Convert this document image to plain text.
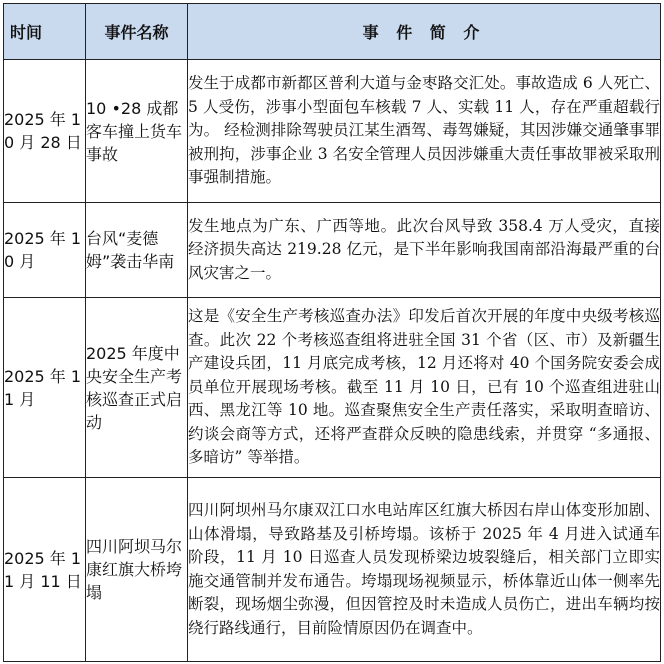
时间	事件名称	事 件 简 介
2025 年 10 月 28 日	10 •28 成都客车撞上货车事故	发生于成都市新都区普利大道与金枣路交汇处。事故造成 6 人死亡、5 人受伤，涉事小型面包车核载 7 人、实载 11 人，存在严重超载行为。 经检测排除驾驶员江某生酒驾、毒驾嫌疑，其因涉嫌交通肇事罪被刑拘，涉事企业 3 名安全管理人员因涉嫌重大责任事故罪被采取刑事强制措施。
2025 年 10 月	台风“麦德姆”袭击华南	发生地点为广东、广西等地。此次台风导致 358.4 万人受灾，直接经济损失高达 219.28 亿元，是下半年影响我国南部沿海最严重的台风灾害之一。
2025 年 11 月	2025 年度中央安全生产考核巡查正式启动	这是《安全生产考核巡查办法》印发后首次开展的年度中央级考核巡查。此次 22 个考核巡查组将进驻全国 31 个省（区、市）及新疆生产建设兵团，11 月底完成考核，12 月还将对 40 个国务院安委会成员单位开展现场考核。截至 11 月 10 日，已有 10 个巡查组进驻山西、黑龙江等 10 地。巡查聚焦安全生产责任落实，采取明查暗访、约谈会商等方式，还将严查群众反映的隐患线索，并贯穿 “多通报、多暗访” 等举措。
2025 年 11 月 11 日	四川阿坝马尔康红旗大桥垮塌	四川阿坝州马尔康双江口水电站库区红旗大桥因右岸山体变形加剧、山体滑塌，导致路基及引桥垮塌。该桥于 2025 年 4 月进入试通车阶段，11 月 10 日巡查人员发现桥梁边坡裂缝后，相关部门立即实施交通管制并发布通告。垮塌现场视频显示，桥体靠近山体一侧率先断裂，现场烟尘弥漫，但因管控及时未造成人员伤亡，进出车辆均按绕行路线通行，目前险情原因仍在调查中。
